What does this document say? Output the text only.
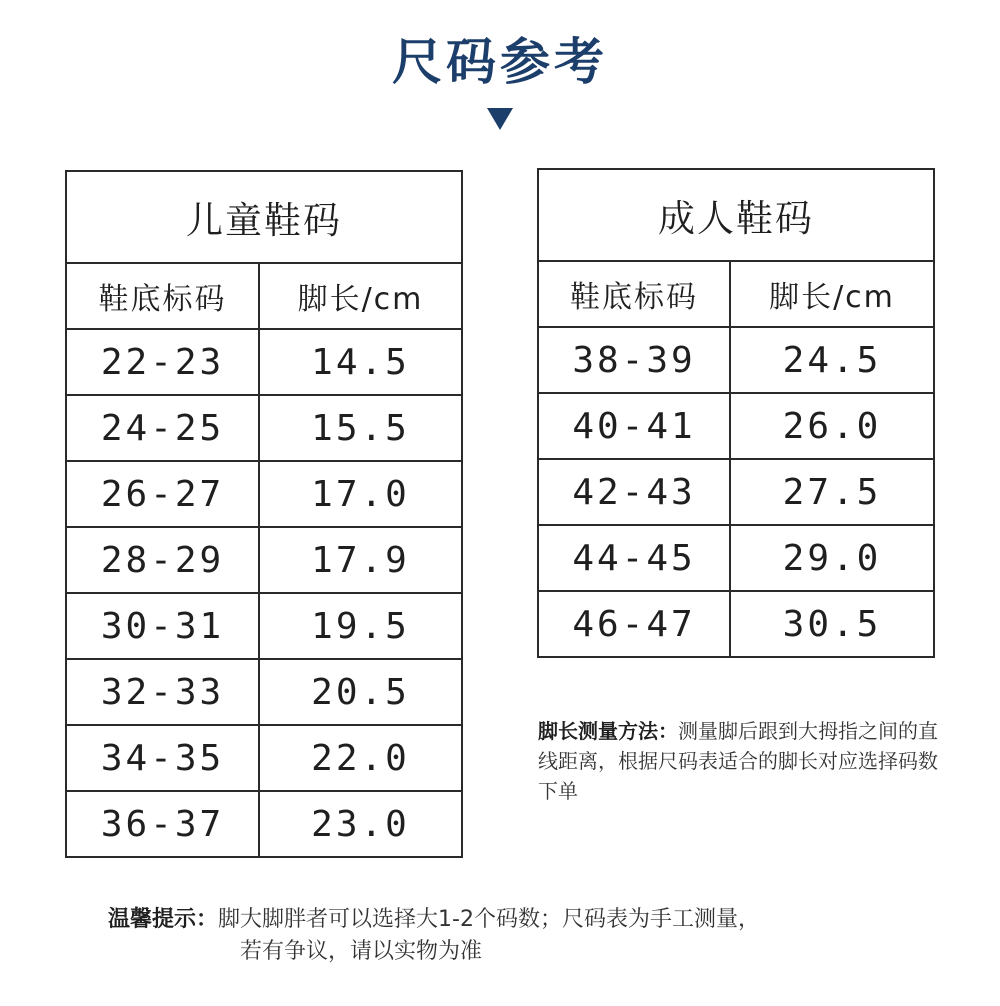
尺码参考
儿童鞋码	
鞋底标码	脚长/cm
22-23	14.5
24-25	15.5
26-27	17.0
28-29	17.9
30-31	19.5
32-33	20.5
34-35	22.0
36-37	23.0
成人鞋码	
鞋底标码	脚长/cm
38-39	24.5
40-41	26.0
42-43	27.5
44-45	29.0
46-47	30.5
脚长测量方法：测量脚后跟到大拇指之间的直线距离，根据尺码表适合的脚长对应选择码数下单
温馨提示：脚大脚胖者可以选择大1-2个码数；尺码表为手工测量，
若有争议，请以实物为准
